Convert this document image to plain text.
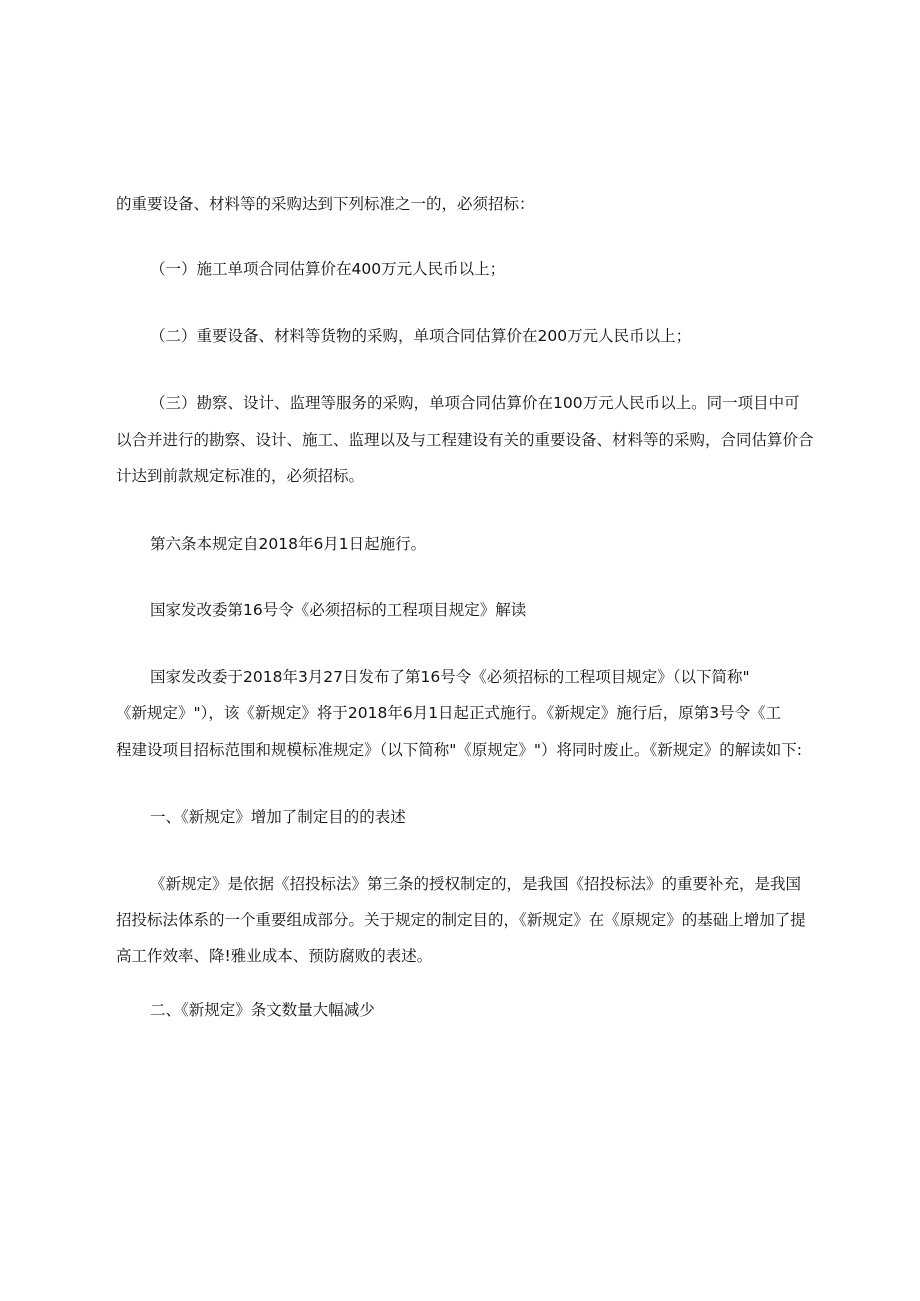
的重要设备、材料等的采购达到下列标准之一的，必须招标：
（一）施工单项合同估算价在400万元人民币以上；
（二）重要设备、材料等货物的采购，单项合同估算价在200万元人民币以上；
（三）勘察、设计、监理等服务的采购，单项合同估算价在100万元人民币以上。同一项目中可
以合并进行的勘察、设计、施工、监理以及与工程建设有关的重要设备、材料等的采购，合同估算价合
计达到前款规定标准的，必须招标。
第六条本规定自2018年6月1日起施行。
国家发改委第16号令《必须招标的工程项目规定》解读
国家发改委于2018年3月27日发布了第16号令《必须招标的工程项目规定》（以下简称"
《新规定》"），该《新规定》将于2018年6月1日起正式施行。《新规定》施行后，原第3号令《工
程建设项目招标范围和规模标准规定》（以下简称"《原规定》"）将同时废止。《新规定》的解读如下:
一、《新规定》增加了制定目的的表述
《新规定》是依据《招投标法》第三条的授权制定的，是我国《招投标法》的重要补充，是我国
招投标法体系的一个重要组成部分。关于规定的制定目的，《新规定》在《原规定》的基础上增加了提
高工作效率、降!雅业成本、预防腐败的表述。
二、《新规定》条文数量大幅减少
